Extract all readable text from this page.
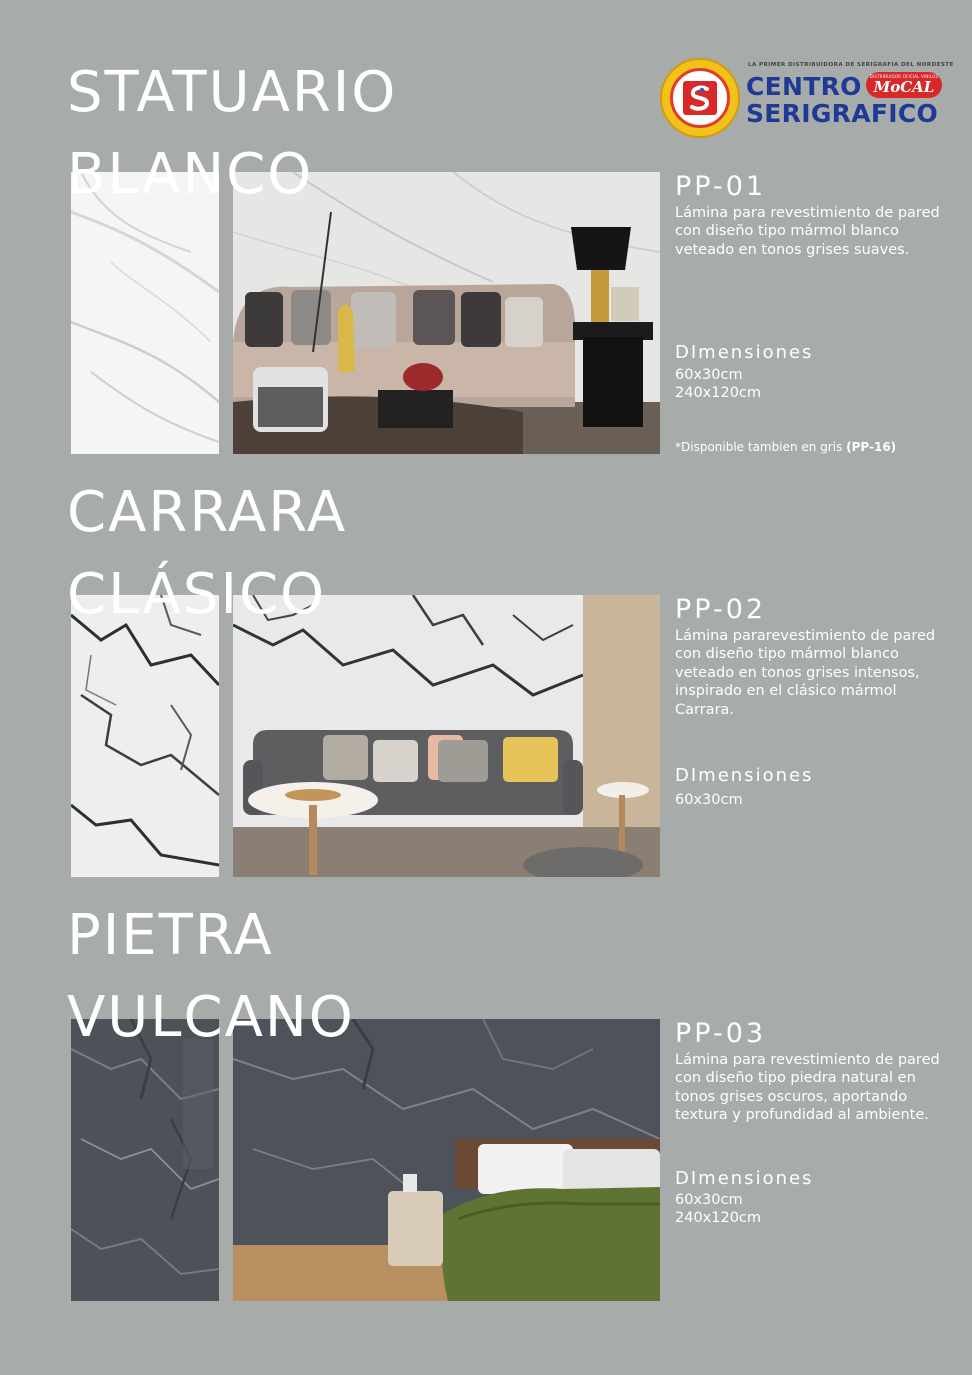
LA PRIMER DISTRIBUIDORA DE SERIGRAFIA DEL NORDESTE
CENTRO	DISTRIBUIDOR OFICIAL VINILOS
MoCAL
SERIGRAFICO
STATUARIO
BLANCO	PP-01
Lámina para revestimiento de pared con diseño tipo mármol blanco veteado en tonos grises suaves.
DImensiones
60x30cm
240x120cm
*Disponible tambien en gris (PP-16)
CARRARA
CLÁSICO	PP-02
Lámina pararevestimiento de pared con diseño tipo mármol blanco veteado en tonos grises intensos, inspirado en el clásico mármol Carrara.
DImensiones
60x30cm
PIETRA
VULCANO	PP-03
Lámina para revestimiento de pared con diseño tipo piedra natural en tonos grises oscuros, aportando textura y profundidad al ambiente.
DImensiones
60x30cm
240x120cm
